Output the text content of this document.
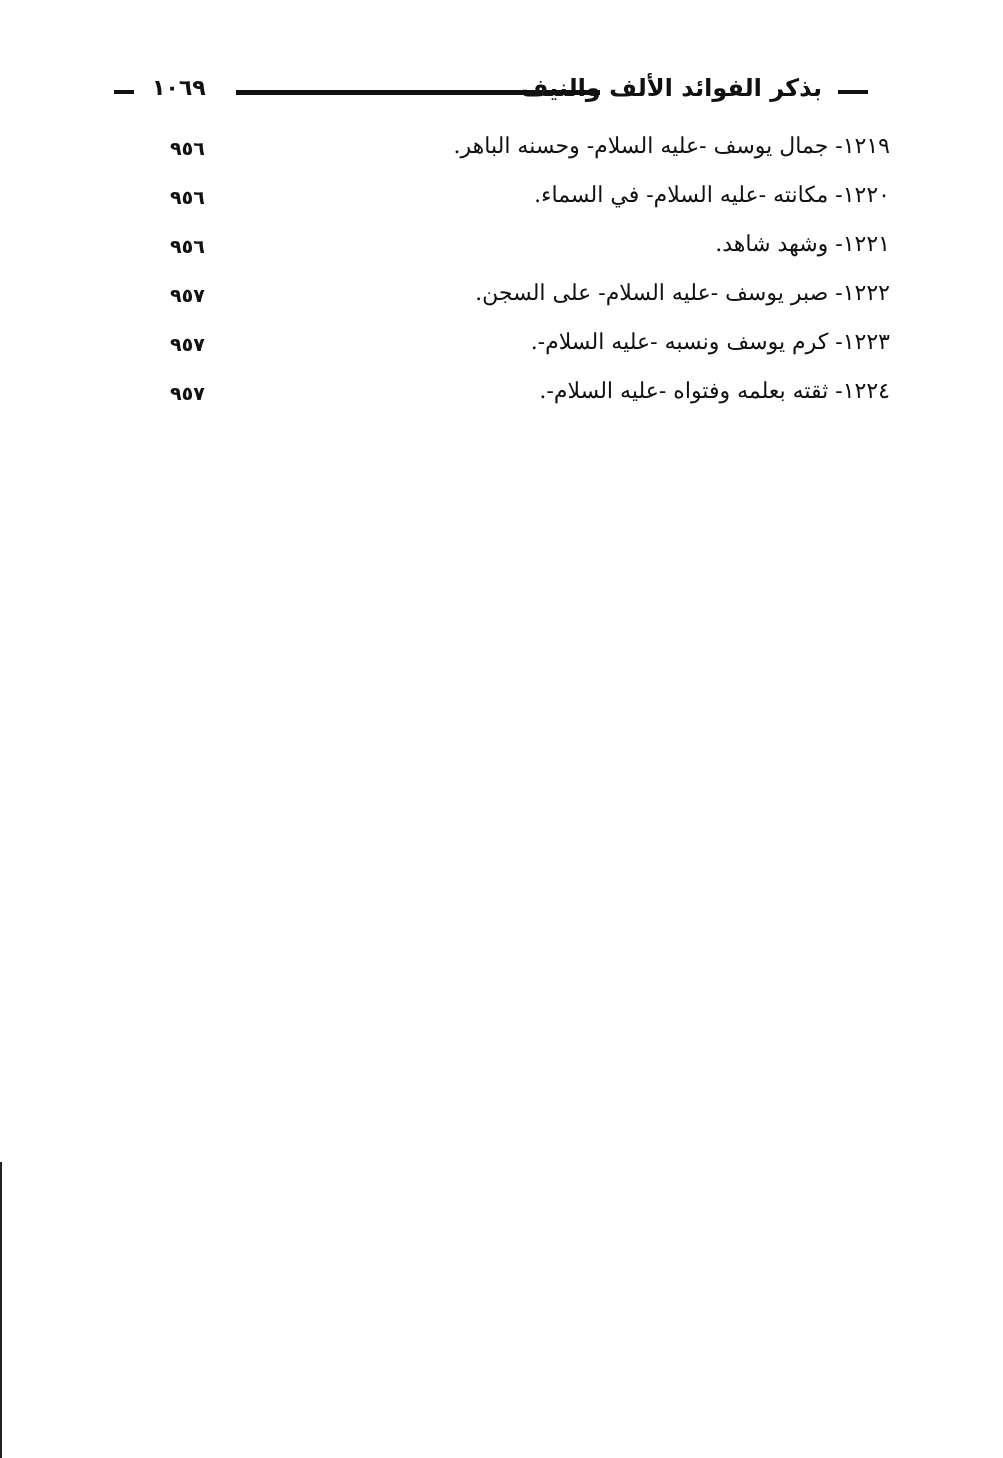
١٠٦٩	بذكر الفوائد الألف والنيف
١٢١٩- جمال يوسف -عليه السلام- وحسنه الباهر.
٩٥٦
١٢٢٠- مكانته -عليه السلام- في السماء.
٩٥٦
١٢٢١- وشهد شاهد.
٩٥٦
١٢٢٢- صبر يوسف -عليه السلام- على السجن.
٩٥٧
١٢٢٣- كرم يوسف ونسبه -عليه السلام-.
٩٥٧
١٢٢٤- ثقته بعلمه وفتواه -عليه السلام-.
٩٥٧
